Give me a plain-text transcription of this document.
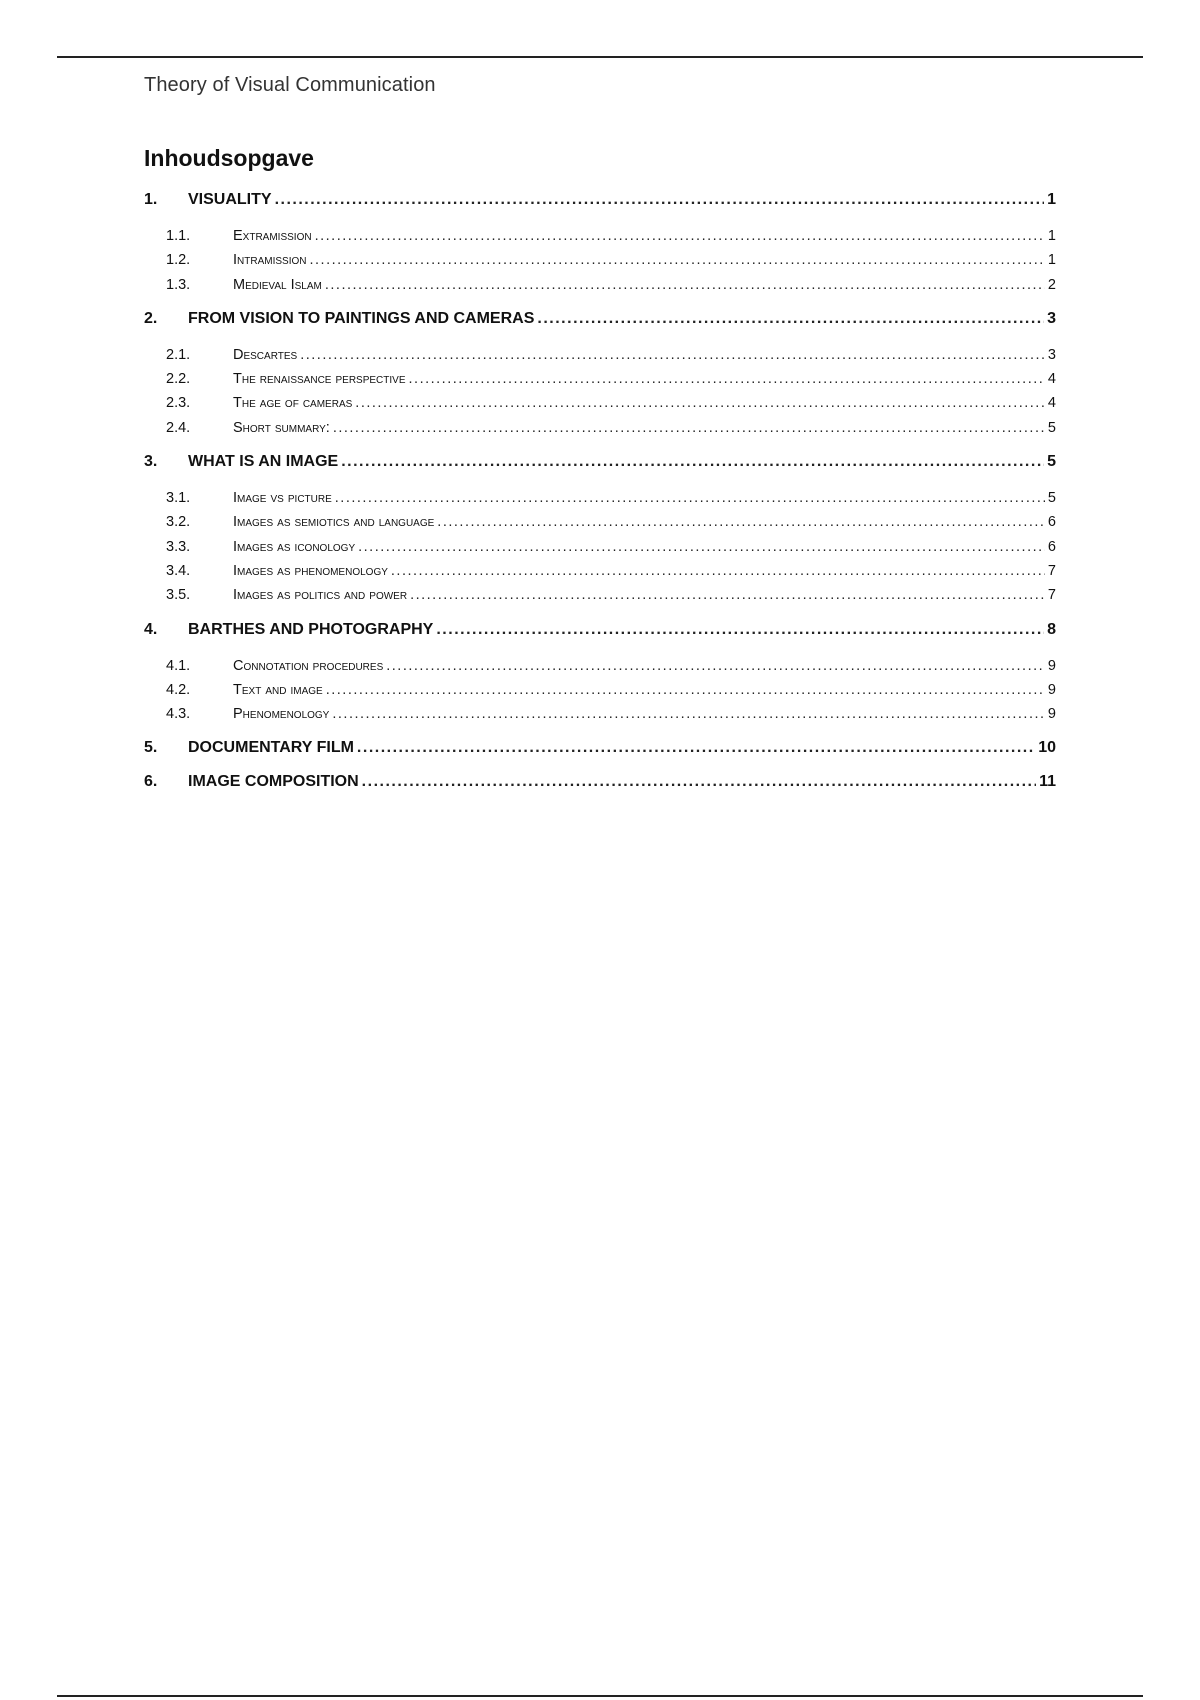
Theory of Visual Communication
Inhoudsopgave
1.	VISUALITY .....	1
1.1.	Extramission .....	1
1.2.	Intramission .....	1
1.3.	Medieval Islam .....	2
2.	FROM VISION TO PAINTINGS AND CAMERAS .....	3
2.1.	Descartes .....	3
2.2.	The renaissance perspective .....	4
2.3.	The age of cameras .....	4
2.4.	Short summary: .....	5
3.	WHAT IS AN IMAGE .....	5
3.1.	Image vs picture .....	5
3.2.	Images as semiotics and language .....	6
3.3.	Images as iconology .....	6
3.4.	Images as phenomenology .....	7
3.5.	Images as politics and power .....	7
4.	BARTHES AND PHOTOGRAPHY .....	8
4.1.	Connotation procedures .....	9
4.2.	Text and image .....	9
4.3.	Phenomenology .....	9
5.	DOCUMENTARY FILM .....	10
6.	IMAGE COMPOSITION .....	11
